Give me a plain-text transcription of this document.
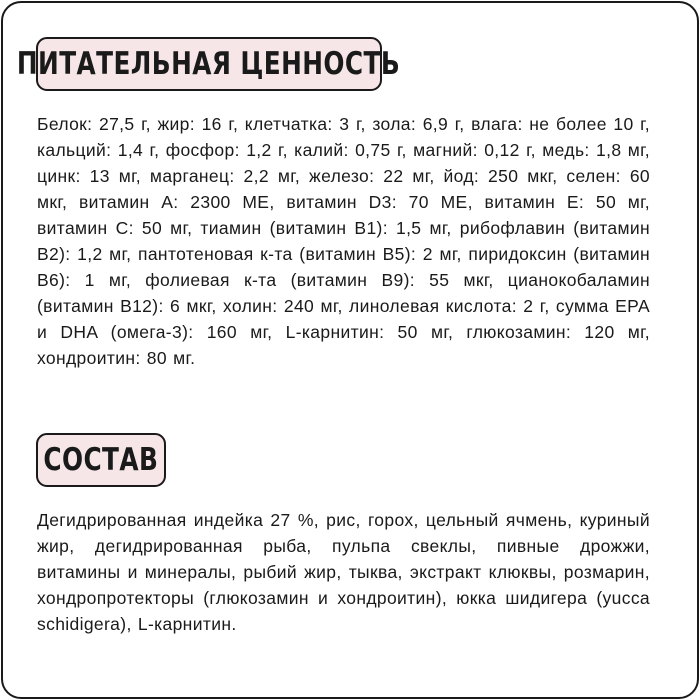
ПИТАТЕЛЬНАЯ ЦЕННОСТЬ

Белок: 27,5 г, жир: 16 г, клетчатка: 3 г, зола: 6,9 г, влага: не более 10 г, кальций: 1,4 г, фосфор: 1,2 г, калий: 0,75 г, магний: 0,12 г, медь: 1,8 мг, цинк: 13 мг, марганец: 2,2 мг, железо: 22 мг, йод: 250 мкг, селен: 60 мкг, витамин А: 2300 МЕ, витамин D3: 70 МЕ, витамин Е: 50 мг, витамин С: 50 мг, тиамин (витамин В1): 1,5 мг, рибофлавин (витамин В2): 1,2 мг, пантотеновая к-та (витамин В5): 2 мг, пиридоксин (витамин В6): 1 мг, фолиевая к-та (витамин В9): 55 мкг, цианокобаламин (витамин В12): 6 мкг, холин: 240 мг, линолевая кислота: 2 г, сумма ЕРА и DHA (омега-3): 160 мг, L-карнитин: 50 мг, глюкозамин: 120 мг, хондроитин: 80 мг.

СОСТАВ

Дегидрированная индейка 27 %, рис, горох, цельный ячмень, куриный жир, дегидрированная рыба, пульпа свеклы, пивные дрожжи, витамины и минералы, рыбий жир, тыква, экстракт клюквы, розмарин, хондропротекторы (глюкозамин и хондроитин), юкка шидигера (yucca schidigera), L-карнитин.
